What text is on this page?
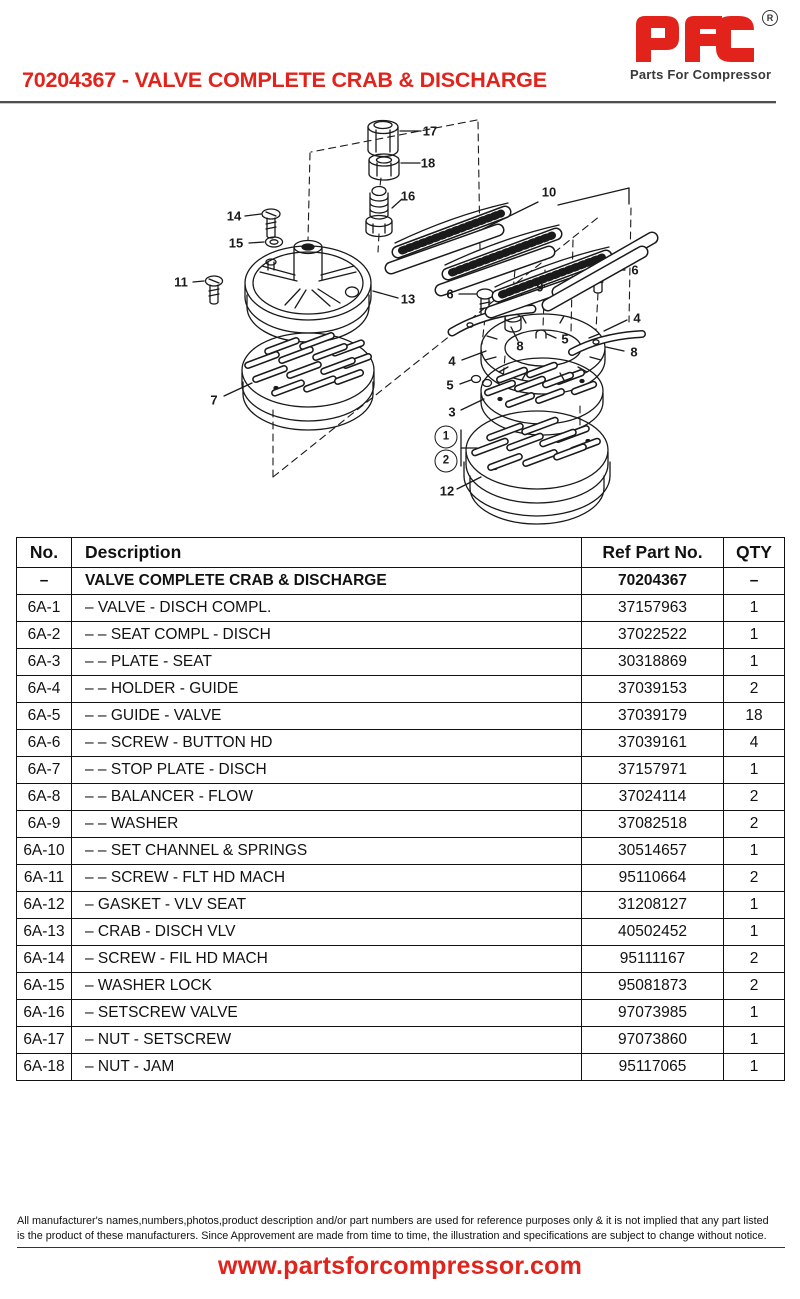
70204367 - VALVE COMPLETE CRAB & DISCHARGE
R
Parts For Compressor
17
18
16
14
15
11
13
7
10
6
6
9
8	5
4
8
4
5
3
12
1
2
No.	Description	Ref Part No.	QTY
–	VALVE COMPLETE CRAB & DISCHARGE	70204367	–
6A-1	– VALVE - DISCH COMPL.	37157963	1
6A-2	– – SEAT COMPL - DISCH	37022522	1
6A-3	– – PLATE - SEAT	30318869	1
6A-4	– – HOLDER - GUIDE	37039153	2
6A-5	– – GUIDE - VALVE	37039179	18
6A-6	– – SCREW - BUTTON HD	37039161	4
6A-7	– – STOP PLATE - DISCH	37157971	1
6A-8	– – BALANCER - FLOW	37024114	2
6A-9	– – WASHER	37082518	2
6A-10	– – SET CHANNEL & SPRINGS	30514657	1
6A-11	– – SCREW - FLT HD MACH	95110664	2
6A-12	– GASKET - VLV SEAT	31208127	1
6A-13	– CRAB - DISCH VLV	40502452	1
6A-14	– SCREW - FIL HD MACH	95111167	2
6A-15	– WASHER LOCK	95081873	2
6A-16	– SETSCREW VALVE	97073985	1
6A-17	– NUT - SETSCREW	97073860	1
6A-18	– NUT - JAM	95117065	1
All manufacturer's names,numbers,photos,product description and/or part numbers are used for reference purposes only & it is not implied that any part listed
is the product of these manufacturers. Since Approvement are made from time to time, the illustration and specifications are subject to change without notice.
www.partsforcompressor.com
